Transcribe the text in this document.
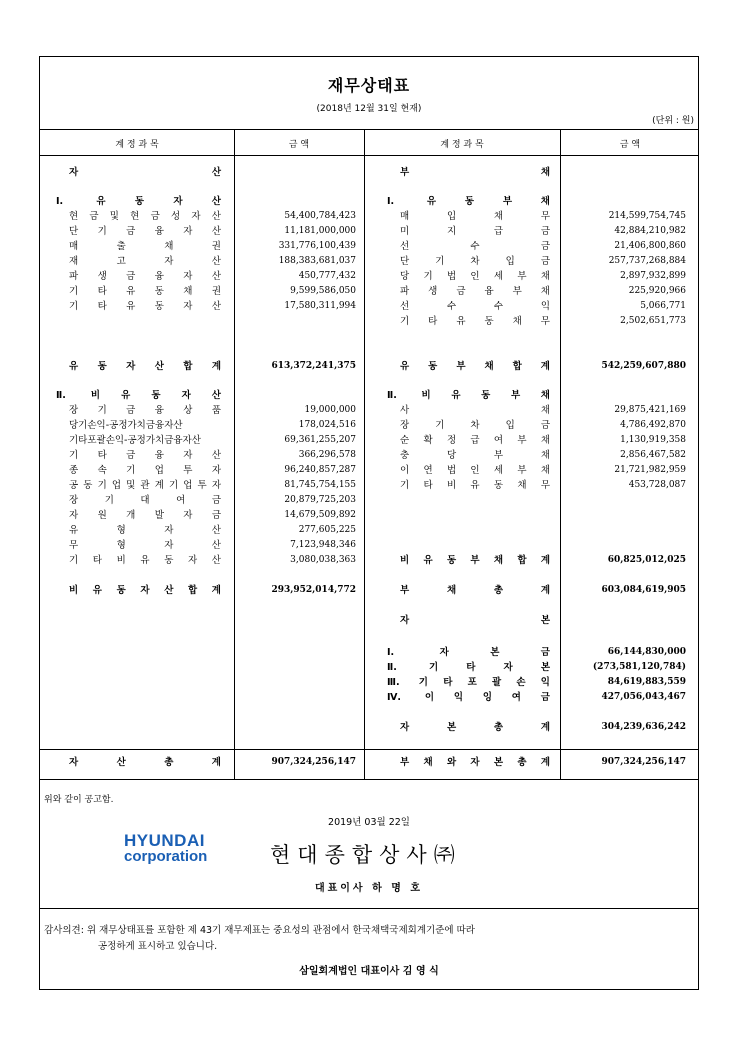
재무상태표
(2018년 12월 31일 현재)
(단위 : 원)
계 정 과 목	금 액	계 정 과 목	금 액
자	산
Ⅰ.	유	동	자	산
현 금 및 현 금 성 자 산	54,400,784,423
단 기 금 융 자 산	11,181,000,000
매	출	채	권	331,776,100,439
재	고	자	산	188,383,681,037
파 생 금 융 자 산	450,777,432
기 타 유 동 채 권	9,599,586,050
기 타 유 동 자 산	17,580,311,994
유 동 자 산 합 계	613,372,241,375
Ⅱ.	비 유 동 자 산
장 기 금 융 상 품	19,000,000
당기손익-공정가치금융자산	178,024,516
기타포괄손익-공정가치금융자산	69,361,255,207
기 타 금 융 자 산	366,296,578
종 속 기 업 투 자	96,240,857,287
공 동 기 업 및 관 계 기 업 투 자	81,745,754,155
장	기	대	여	금	20,879,725,203
자 원 개 발 자 금	14,679,509,892
유	형	자	산	277,605,225
무	형	자	산	7,123,948,346
기 타 비 유 동 자 산	3,080,038,363
비 유 동 자 산 합 계	293,952,014,772
자	산	총	계	907,324,256,147
부	채
Ⅰ.	유	동	부	채
매	입	채	무	214,599,754,745
미	지	급	금	42,884,210,982
선	수	금	21,406,800,860
단	기	차	입	금	257,737,268,884
당 기 법 인 세 부 채	2,897,932,899
파 생 금 융 부 채	225,920,966
선	수	수	익	5,066,771
기 타 유 동 채 무	2,502,651,773
유 동 부 채 합 계	542,259,607,880
Ⅱ.	비 유 동 부 채
사	채	29,875,421,169
장	기	차	입	금	4,786,492,870
순 확 정 급 여 부 채	1,130,919,358
충	당	부	채	2,856,467,582
이 연 법 인 세 부 채	21,721,982,959
기 타 비 유 동 채 무	453,728,087
비 유 동 부 채 합 계	60,825,012,025
부	채	총	계	603,084,619,905
자	본
Ⅰ.	자	본	금	66,144,830,000
Ⅱ.	기	타	자	본	(273,581,120,784)
Ⅲ. 기 타 포 괄 손 익	84,619,883,559
Ⅳ.	이 익 잉 여 금	427,056,043,467
자	본	총	계	304,239,636,242
부 채 와 자 본 총 계	907,324,256,147
위와 같이 공고함.
2019년 03월 22일
HYUNDAI
corporation	현대종합상사㈜
대표이사 하 명 호
감사의견: 위 재무상태표를 포함한 제 43기 재무제표는 중요성의 관점에서 한국채택국제회계기준에 따라
공정하게 표시하고 있습니다.
삼일회계법인 대표이사 김 영 식
